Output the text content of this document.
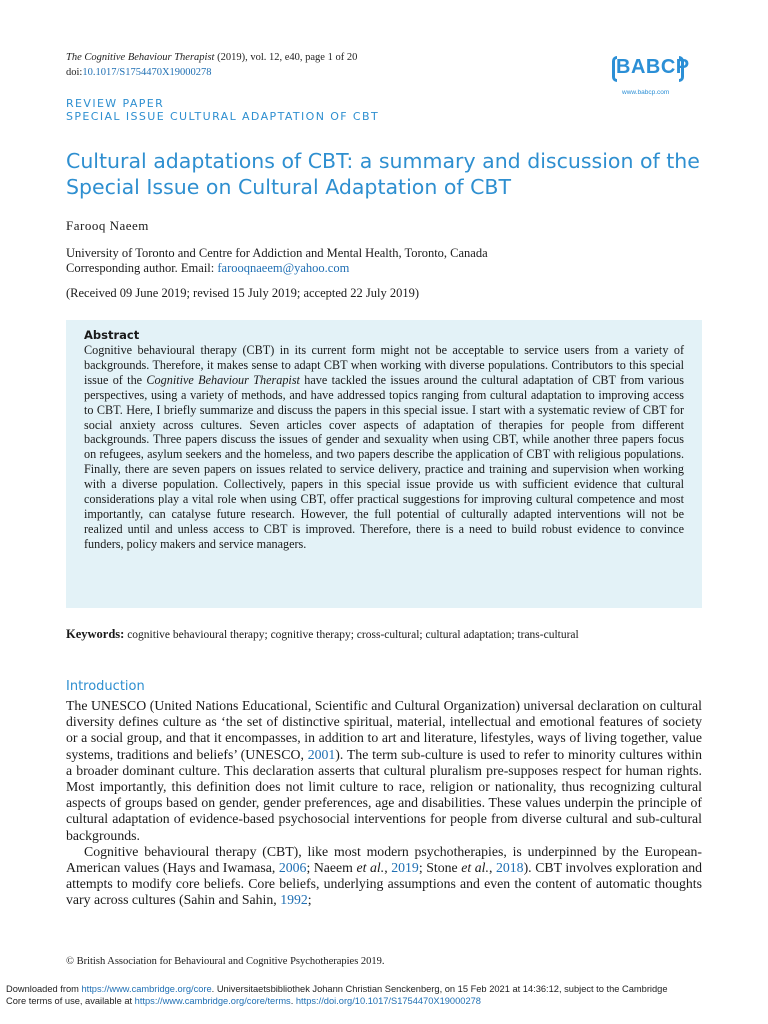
The Cognitive Behaviour Therapist (2019), vol. 12, e40, page 1 of 20
doi:10.1017/S1754470X19000278	BABCP
www.babcp.com
REVIEW PAPER
SPECIAL ISSUE CULTURAL ADAPTATION OF CBT
Cultural adaptations of CBT: a summary and discussion of the Special Issue on Cultural Adaptation of CBT
Farooq Naeem
University of Toronto and Centre for Addiction and Mental Health, Toronto, Canada
Corresponding author. Email: farooqnaeem@yahoo.com
(Received 09 June 2019; revised 15 July 2019; accepted 22 July 2019)
Abstract

Cognitive behavioural therapy (CBT) in its current form might not be acceptable to service users from a variety of backgrounds. Therefore, it makes sense to adapt CBT when working with diverse populations. Contributors to this special issue of the Cognitive Behaviour Therapist have tackled the issues around the cultural adaptation of CBT from various perspectives, using a variety of methods, and have addressed topics ranging from cultural adaptation to improving access to CBT. Here, I briefly summarize and discuss the papers in this special issue. I start with a systematic review of CBT for social anxiety across cultures. Seven articles cover aspects of adaptation of therapies for people from different backgrounds. Three papers discuss the issues of gender and sexuality when using CBT, while another three papers focus on refugees, asylum seekers and the homeless, and two papers describe the application of CBT with religious populations. Finally, there are seven papers on issues related to service delivery, practice and training and supervision when working with a diverse population. Collectively, papers in this special issue provide us with sufficient evidence that cultural considerations play a vital role when using CBT, offer practical suggestions for improving cultural competence and most importantly, can catalyse future research. However, the full potential of culturally adapted interventions will not be realized until and unless access to CBT is improved. Therefore, there is a need to build robust evidence to convince funders, policy makers and service managers.

Keywords: cognitive behavioural therapy; cognitive therapy; cross-cultural; cultural adaptation; trans-cultural
Introduction

The UNESCO (United Nations Educational, Scientific and Cultural Organization) universal declaration on cultural diversity defines culture as ‘the set of distinctive spiritual, material, intellectual and emotional features of society or a social group, and that it encompasses, in addition to art and literature, lifestyles, ways of living together, value systems, traditions and beliefs’ (UNESCO, 2001). The term sub-culture is used to refer to minority cultures within a broader dominant culture. This declaration asserts that cultural pluralism pre-supposes respect for human rights. Most importantly, this definition does not limit culture to race, religion or nationality, thus recognizing cultural aspects of groups based on gender, gender preferences, age and disabilities. These values underpin the principle of cultural adaptation of evidence-based psychosocial interventions for people from diverse cultural and sub-cultural backgrounds.

Cognitive behavioural therapy (CBT), like most modern psychotherapies, is underpinned by the European-American values (Hays and Iwamasa, 2006; Naeem et al., 2019; Stone et al., 2018). CBT involves exploration and attempts to modify core beliefs. Core beliefs, underlying assumptions and even the content of automatic thoughts vary across cultures (Sahin and Sahin, 1992;

© British Association for Behavioural and Cognitive Psychotherapies 2019.
Downloaded from https://www.cambridge.org/core. Universitaetsbibliothek Johann Christian Senckenberg, on 15 Feb 2021 at 14:36:12, subject to the Cambridge
Core terms of use, available at https://www.cambridge.org/core/terms. https://doi.org/10.1017/S1754470X19000278
